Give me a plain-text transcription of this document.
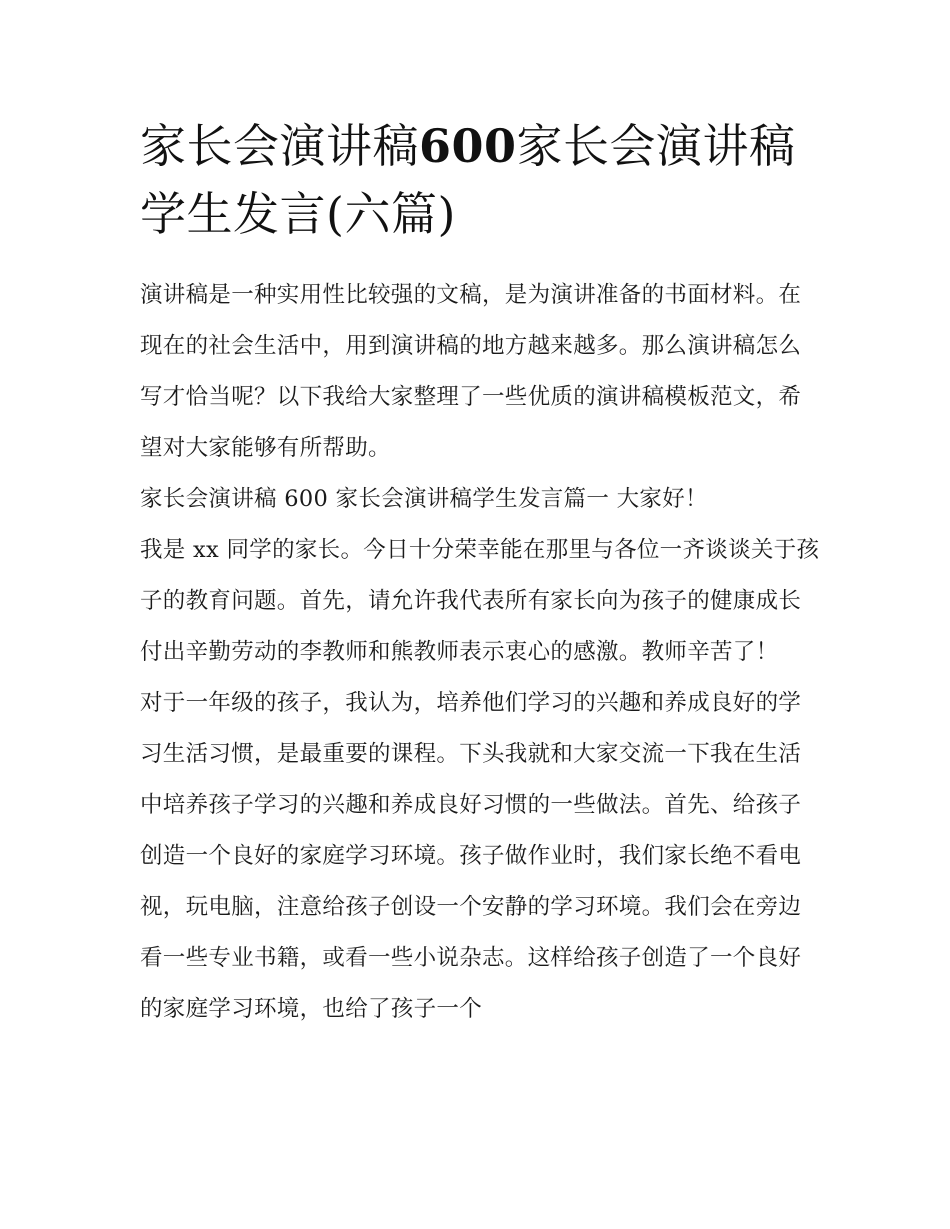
家长会演讲稿600家长会演讲稿学生发言(六篇)

演讲稿是一种实用性比较强的文稿，是为演讲准备的书面材料。在现在的社会生活中，用到演讲稿的地方越来越多。那么演讲稿怎么写才恰当呢？以下我给大家整理了一些优质的演讲稿模板范文，希望对大家能够有所帮助。

家长会演讲稿 600 家长会演讲稿学生发言篇一 大家好！

我是 xx 同学的家长。今日十分荣幸能在那里与各位一齐谈谈关于孩子的教育问题。首先，请允许我代表所有家长向为孩子的健康成长付出辛勤劳动的李教师和熊教师表示衷心的感激。教师辛苦了！

对于一年级的孩子，我认为，培养他们学习的兴趣和养成良好的学习生活习惯，是最重要的课程。下头我就和大家交流一下我在生活中培养孩子学习的兴趣和养成良好习惯的一些做法。首先、给孩子创造一个良好的家庭学习环境。孩子做作业时，我们家长绝不看电视，玩电脑，注意给孩子创设一个安静的学习环境。我们会在旁边看一些专业书籍，或看一些小说杂志。这样给孩子创造了一个良好的家庭学习环境，也给了孩子一个
